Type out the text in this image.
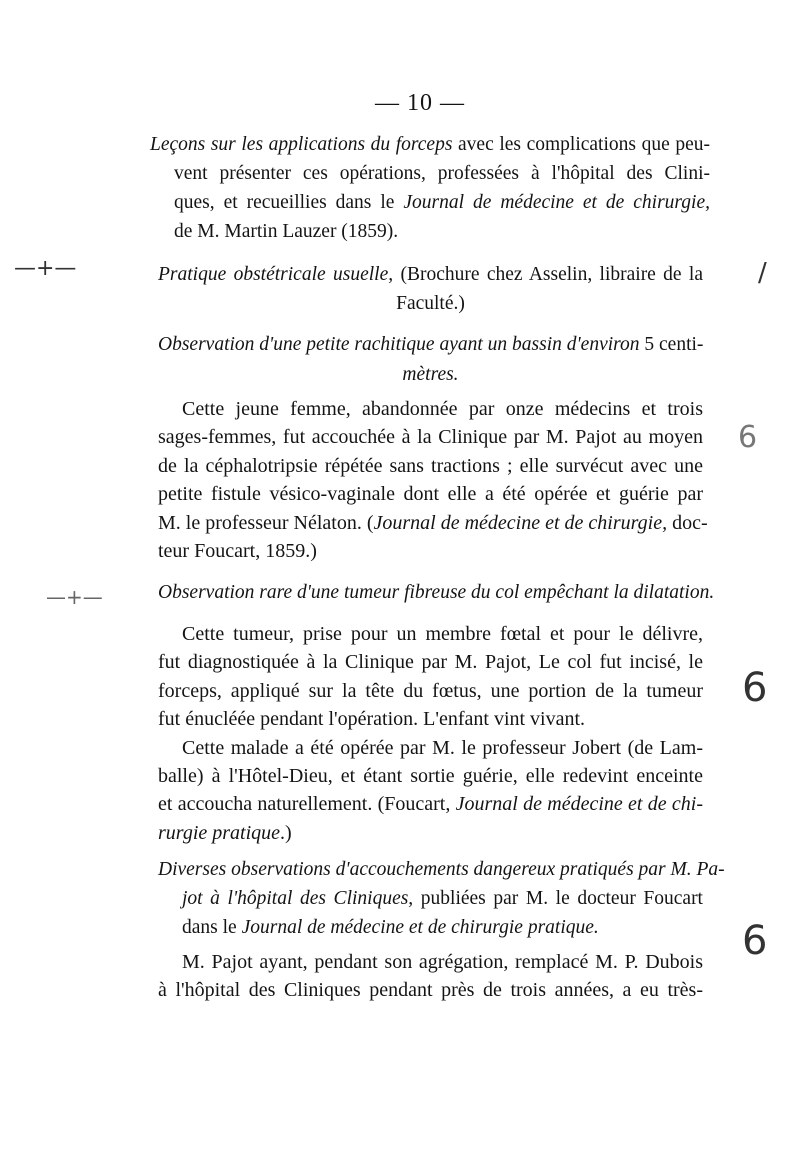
— 10 —
Leçons sur les applications du forceps avec les complications que peu-
vent présenter ces opérations, professées à l'hôpital des Clini-
ques, et recueillies dans le Journal de médecine et de chirurgie,
de M. Martin Lauzer (1859).
Pratique obstétricale usuelle, (Brochure chez Asselin, libraire de la
Faculté.)
Observation d'une petite rachitique ayant un bassin d'environ 5 centi-
mètres.
Cette jeune femme, abandonnée par onze médecins et trois
sages-femmes, fut accouchée à la Clinique par M. Pajot au moyen
de la céphalotripsie répétée sans tractions ; elle survécut avec une
petite fistule vésico-vaginale dont elle a été opérée et guérie par
M. le professeur Nélaton. (Journal de médecine et de chirurgie, doc-
teur Foucart, 1859.)
Observation rare d'une tumeur fibreuse du col empêchant la dilatation.
Cette tumeur, prise pour un membre fœtal et pour le délivre,
fut diagnostiquée à la Clinique par M. Pajot, Le col fut incisé, le
forceps, appliqué sur la tête du fœtus, une portion de la tumeur
fut énucléée pendant l'opération. L'enfant vint vivant.
Cette malade a été opérée par M. le professeur Jobert (de Lam-
balle) à l'Hôtel-Dieu, et étant sortie guérie, elle redevint enceinte
et accoucha naturellement. (Foucart, Journal de médecine et de chi-
rurgie pratique.)
Diverses observations d'accouchements dangereux pratiqués par M. Pa-
jot à l'hôpital des Cliniques, publiées par M. le docteur Foucart
dans le Journal de médecine et de chirurgie pratique.
M. Pajot ayant, pendant son agrégation, remplacé M. P. Dubois
à l'hôpital des Cliniques pendant près de trois années, a eu très-
—+—	/
6
—+—
6
6
